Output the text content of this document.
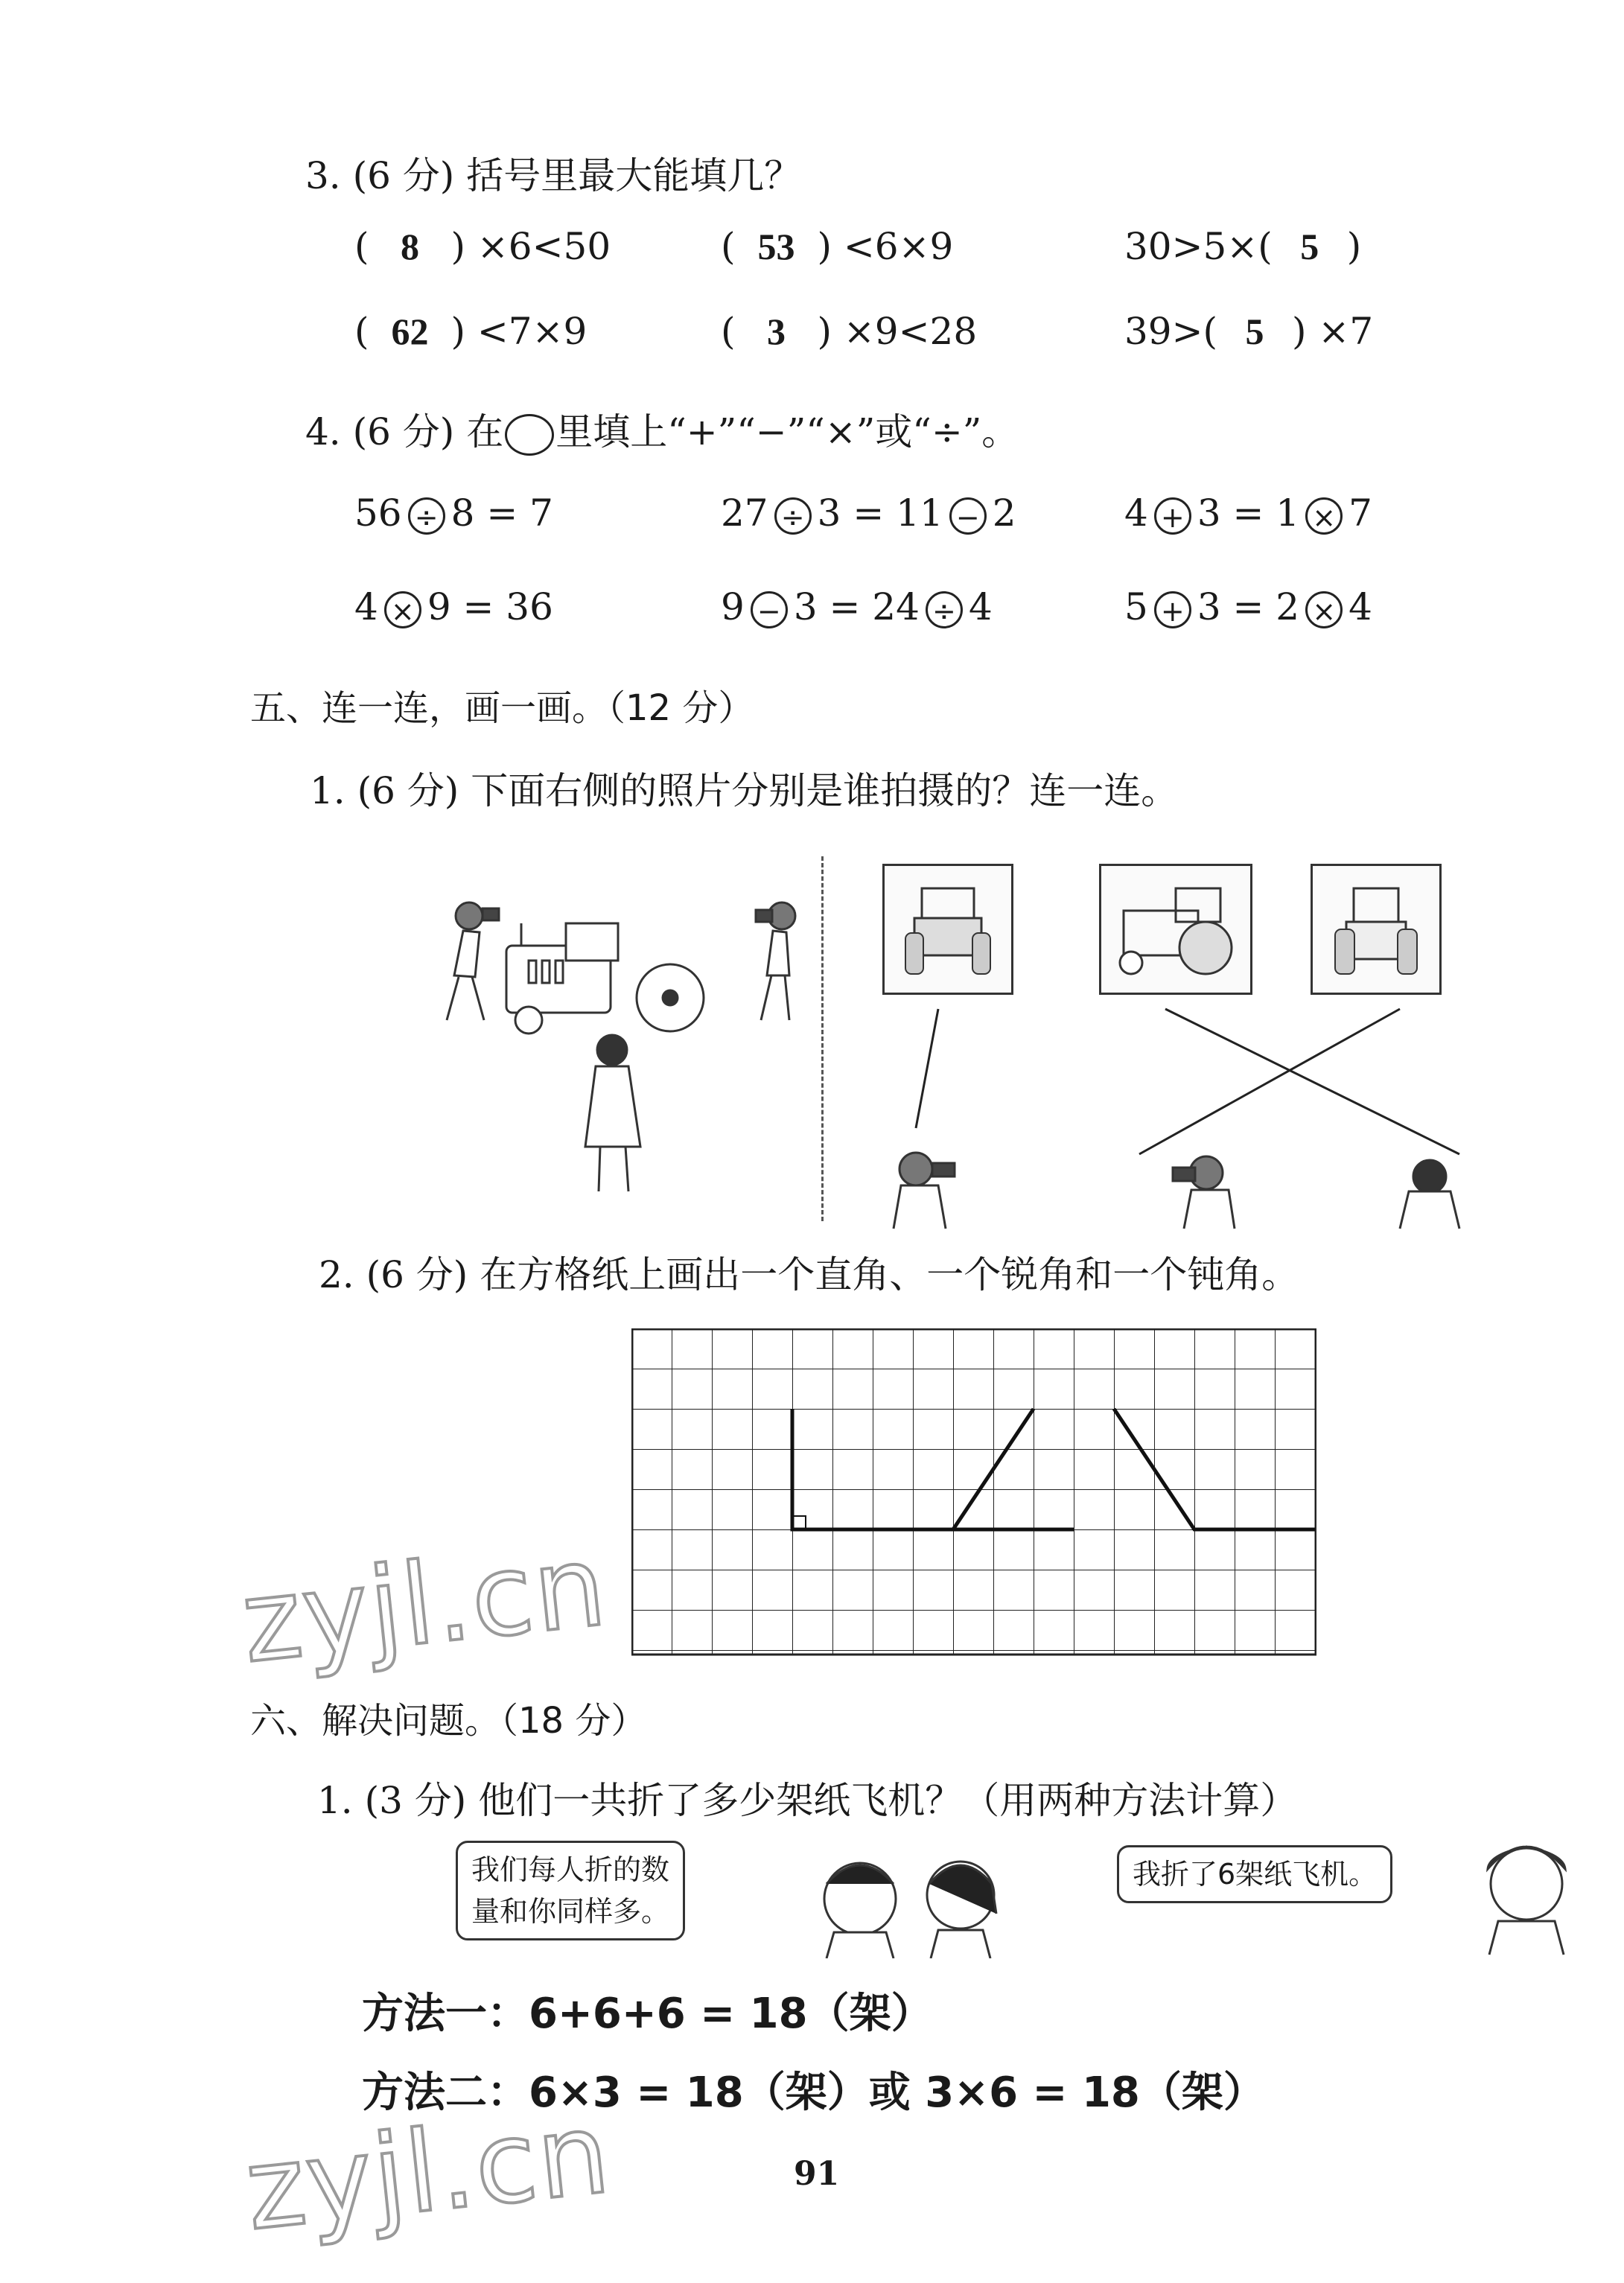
3. (6 分) 括号里最大能填几？
( 8 ) ×6<50	( 53 ) <6×9	30>5×( 5 )
( 62 ) <7×9	( 3 ) ×9<28	39>( 5 ) ×7
4. (6 分) 在 里填上“+”“−”“×”或“÷”。
56 ÷ 8 = 7	27 ÷ 3 = 11 − 2	4 + 3 = 1 × 7
4 × 9 = 36	9 − 3 = 24 ÷ 4	5 + 3 = 2 × 4
五、连一连，画一画。（12 分）
1. (6 分) 下面右侧的照片分别是谁拍摄的？连一连。
2. (6 分) 在方格纸上画出一个直角、一个锐角和一个钝角。
zyjl.cn
六、解决问题。（18 分）
1. (3 分) 他们一共折了多少架纸飞机？（用两种方法计算）
我们每人折的数
量和你同样多。
我折了6架纸飞机。
方法一：6+6+6 = 18（架）
方法二：6×3 = 18（架）或 3×6 = 18（架）
zyjl.cn	91
